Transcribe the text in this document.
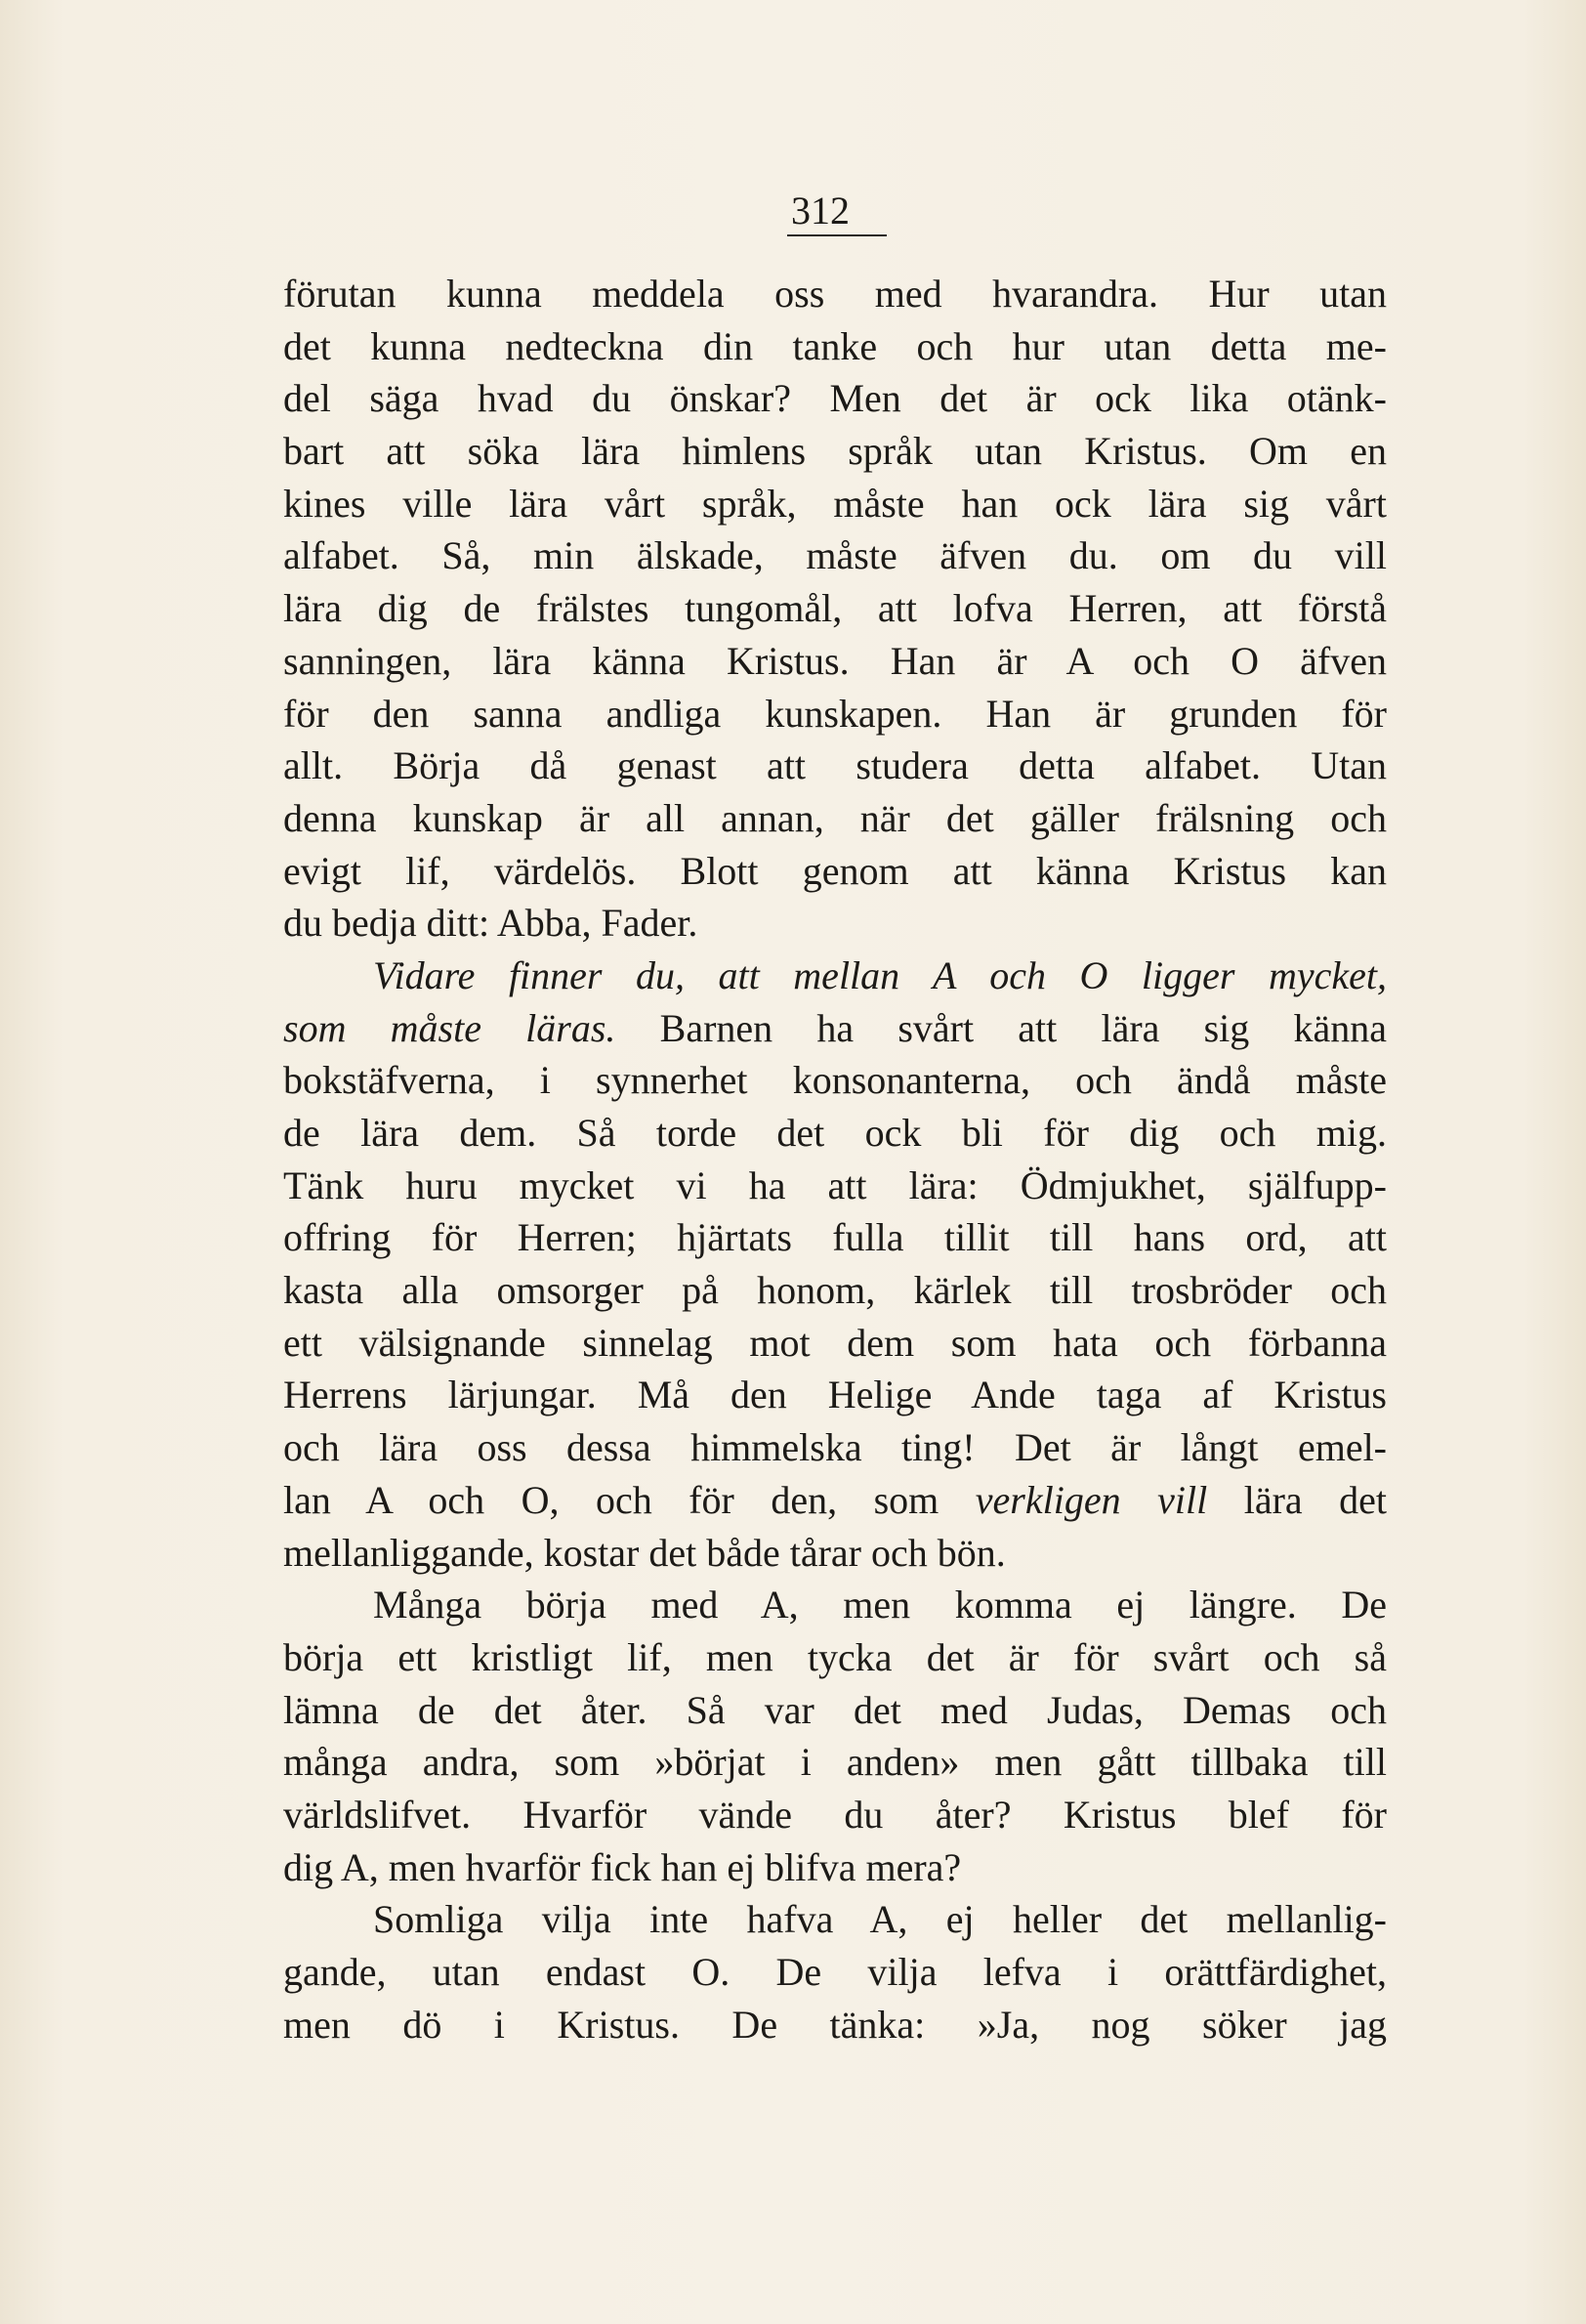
312
förutan kunna meddela oss med hvarandra. Hur utan
det kunna nedteckna din tanke och hur utan detta me-
del säga hvad du önskar? Men det är ock lika otänk-
bart att söka lära himlens språk utan Kristus. Om en
kines ville lära vårt språk, måste han ock lära sig vårt
alfabet. Så, min älskade, måste äfven du. om du vill
lära dig de frälstes tungomål, att lofva Herren, att förstå
sanningen, lära känna Kristus. Han är A och O äfven
för den sanna andliga kunskapen. Han är grunden för
allt. Börja då genast att studera detta alfabet. Utan
denna kunskap är all annan, när det gäller frälsning och
evigt lif, värdelös. Blott genom att känna Kristus kan
du bedja ditt: Abba, Fader.
Vidare finner du, att mellan A och O ligger mycket,
som måste läras. Barnen ha svårt att lära sig känna
bokstäfverna, i synnerhet konsonanterna, och ändå måste
de lära dem. Så torde det ock bli för dig och mig.
Tänk huru mycket vi ha att lära: Ödmjukhet, själfupp-
offring för Herren; hjärtats fulla tillit till hans ord, att
kasta alla omsorger på honom, kärlek till trosbröder och
ett välsignande sinnelag mot dem som hata och förbanna
Herrens lärjungar. Må den Helige Ande taga af Kristus
och lära oss dessa himmelska ting! Det är långt emel-
lan A och O, och för den, som verkligen vill lära det
mellanliggande, kostar det både tårar och bön.
Många börja med A, men komma ej längre. De
börja ett kristligt lif, men tycka det är för svårt och så
lämna de det åter. Så var det med Judas, Demas och
många andra, som »börjat i anden» men gått tillbaka till
världslifvet. Hvarför vände du åter? Kristus blef för
dig A, men hvarför fick han ej blifva mera?
Somliga vilja inte hafva A, ej heller det mellanlig-
gande, utan endast O. De vilja lefva i orättfärdighet,
men dö i Kristus. De tänka: »Ja, nog söker jag
